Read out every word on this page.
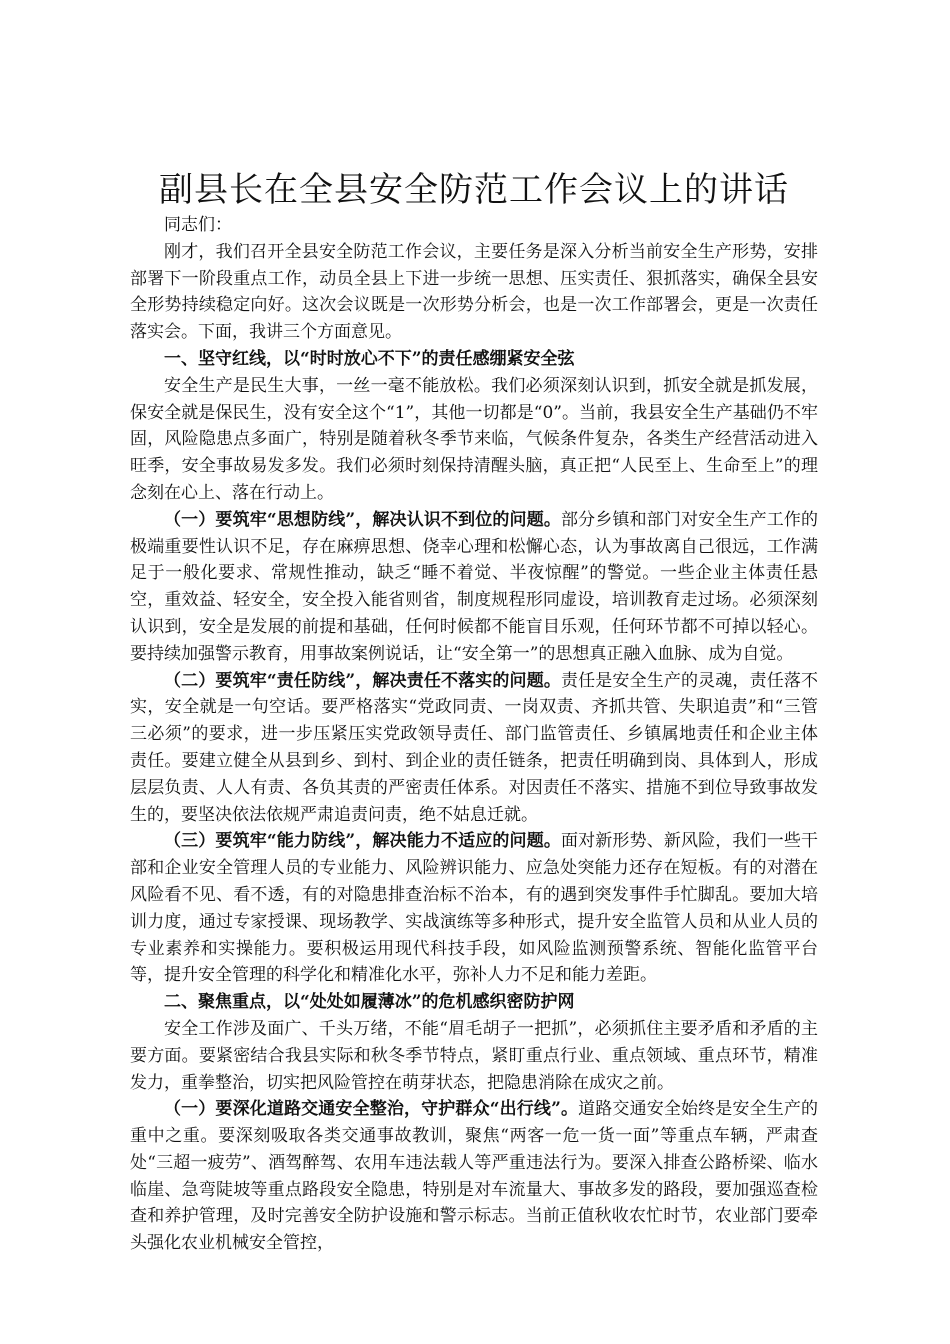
副县长在全县安全防范工作会议上的讲话

同志们：

刚才，我们召开全县安全防范工作会议，主要任务是深入分析当前安全生产形势，安排部署下一阶段重点工作，动员全县上下进一步统一思想、压实责任、狠抓落实，确保全县安全形势持续稳定向好。这次会议既是一次形势分析会，也是一次工作部署会，更是一次责任落实会。下面，我讲三个方面意见。

一、坚守红线，以“时时放心不下”的责任感绷紧安全弦

安全生产是民生大事，一丝一毫不能放松。我们必须深刻认识到，抓安全就是抓发展，保安全就是保民生，没有安全这个“1”，其他一切都是“0”。当前，我县安全生产基础仍不牢固，风险隐患点多面广，特别是随着秋冬季节来临，气候条件复杂，各类生产经营活动进入旺季，安全事故易发多发。我们必须时刻保持清醒头脑，真正把“人民至上、生命至上”的理念刻在心上、落在行动上。

（一）要筑牢“思想防线”，解决认识不到位的问题。部分乡镇和部门对安全生产工作的极端重要性认识不足，存在麻痹思想、侥幸心理和松懈心态，认为事故离自己很远，工作满足于一般化要求、常规性推动，缺乏“睡不着觉、半夜惊醒”的警觉。一些企业主体责任悬空，重效益、轻安全，安全投入能省则省，制度规程形同虚设，培训教育走过场。必须深刻认识到，安全是发展的前提和基础，任何时候都不能盲目乐观，任何环节都不可掉以轻心。要持续加强警示教育，用事故案例说话，让“安全第一”的思想真正融入血脉、成为自觉。

（二）要筑牢“责任防线”，解决责任不落实的问题。责任是安全生产的灵魂，责任落不实，安全就是一句空话。要严格落实“党政同责、一岗双责、齐抓共管、失职追责”和“三管三必须”的要求，进一步压紧压实党政领导责任、部门监管责任、乡镇属地责任和企业主体责任。要建立健全从县到乡、到村、到企业的责任链条，把责任明确到岗、具体到人，形成层层负责、人人有责、各负其责的严密责任体系。对因责任不落实、措施不到位导致事故发生的，要坚决依法依规严肃追责问责，绝不姑息迁就。

（三）要筑牢“能力防线”，解决能力不适应的问题。面对新形势、新风险，我们一些干部和企业安全管理人员的专业能力、风险辨识能力、应急处突能力还存在短板。有的对潜在风险看不见、看不透，有的对隐患排查治标不治本，有的遇到突发事件手忙脚乱。要加大培训力度，通过专家授课、现场教学、实战演练等多种形式，提升安全监管人员和从业人员的专业素养和实操能力。要积极运用现代科技手段，如风险监测预警系统、智能化监管平台等，提升安全管理的科学化和精准化水平，弥补人力不足和能力差距。

二、聚焦重点，以“处处如履薄冰”的危机感织密防护网

安全工作涉及面广、千头万绪，不能“眉毛胡子一把抓”，必须抓住主要矛盾和矛盾的主要方面。要紧密结合我县实际和秋冬季节特点，紧盯重点行业、重点领域、重点环节，精准发力，重拳整治，切实把风险管控在萌芽状态，把隐患消除在成灾之前。

（一）要深化道路交通安全整治，守护群众“出行线”。道路交通安全始终是安全生产的重中之重。要深刻吸取各类交通事故教训，聚焦“两客一危一货一面”等重点车辆，严肃查处“三超一疲劳”、酒驾醉驾、农用车违法载人等严重违法行为。要深入排查公路桥梁、临水临崖、急弯陡坡等重点路段安全隐患，特别是对车流量大、事故多发的路段，要加强巡查检查和养护管理，及时完善安全防护设施和警示标志。当前正值秋收农忙时节，农业部门要牵头强化农业机械安全管控，
